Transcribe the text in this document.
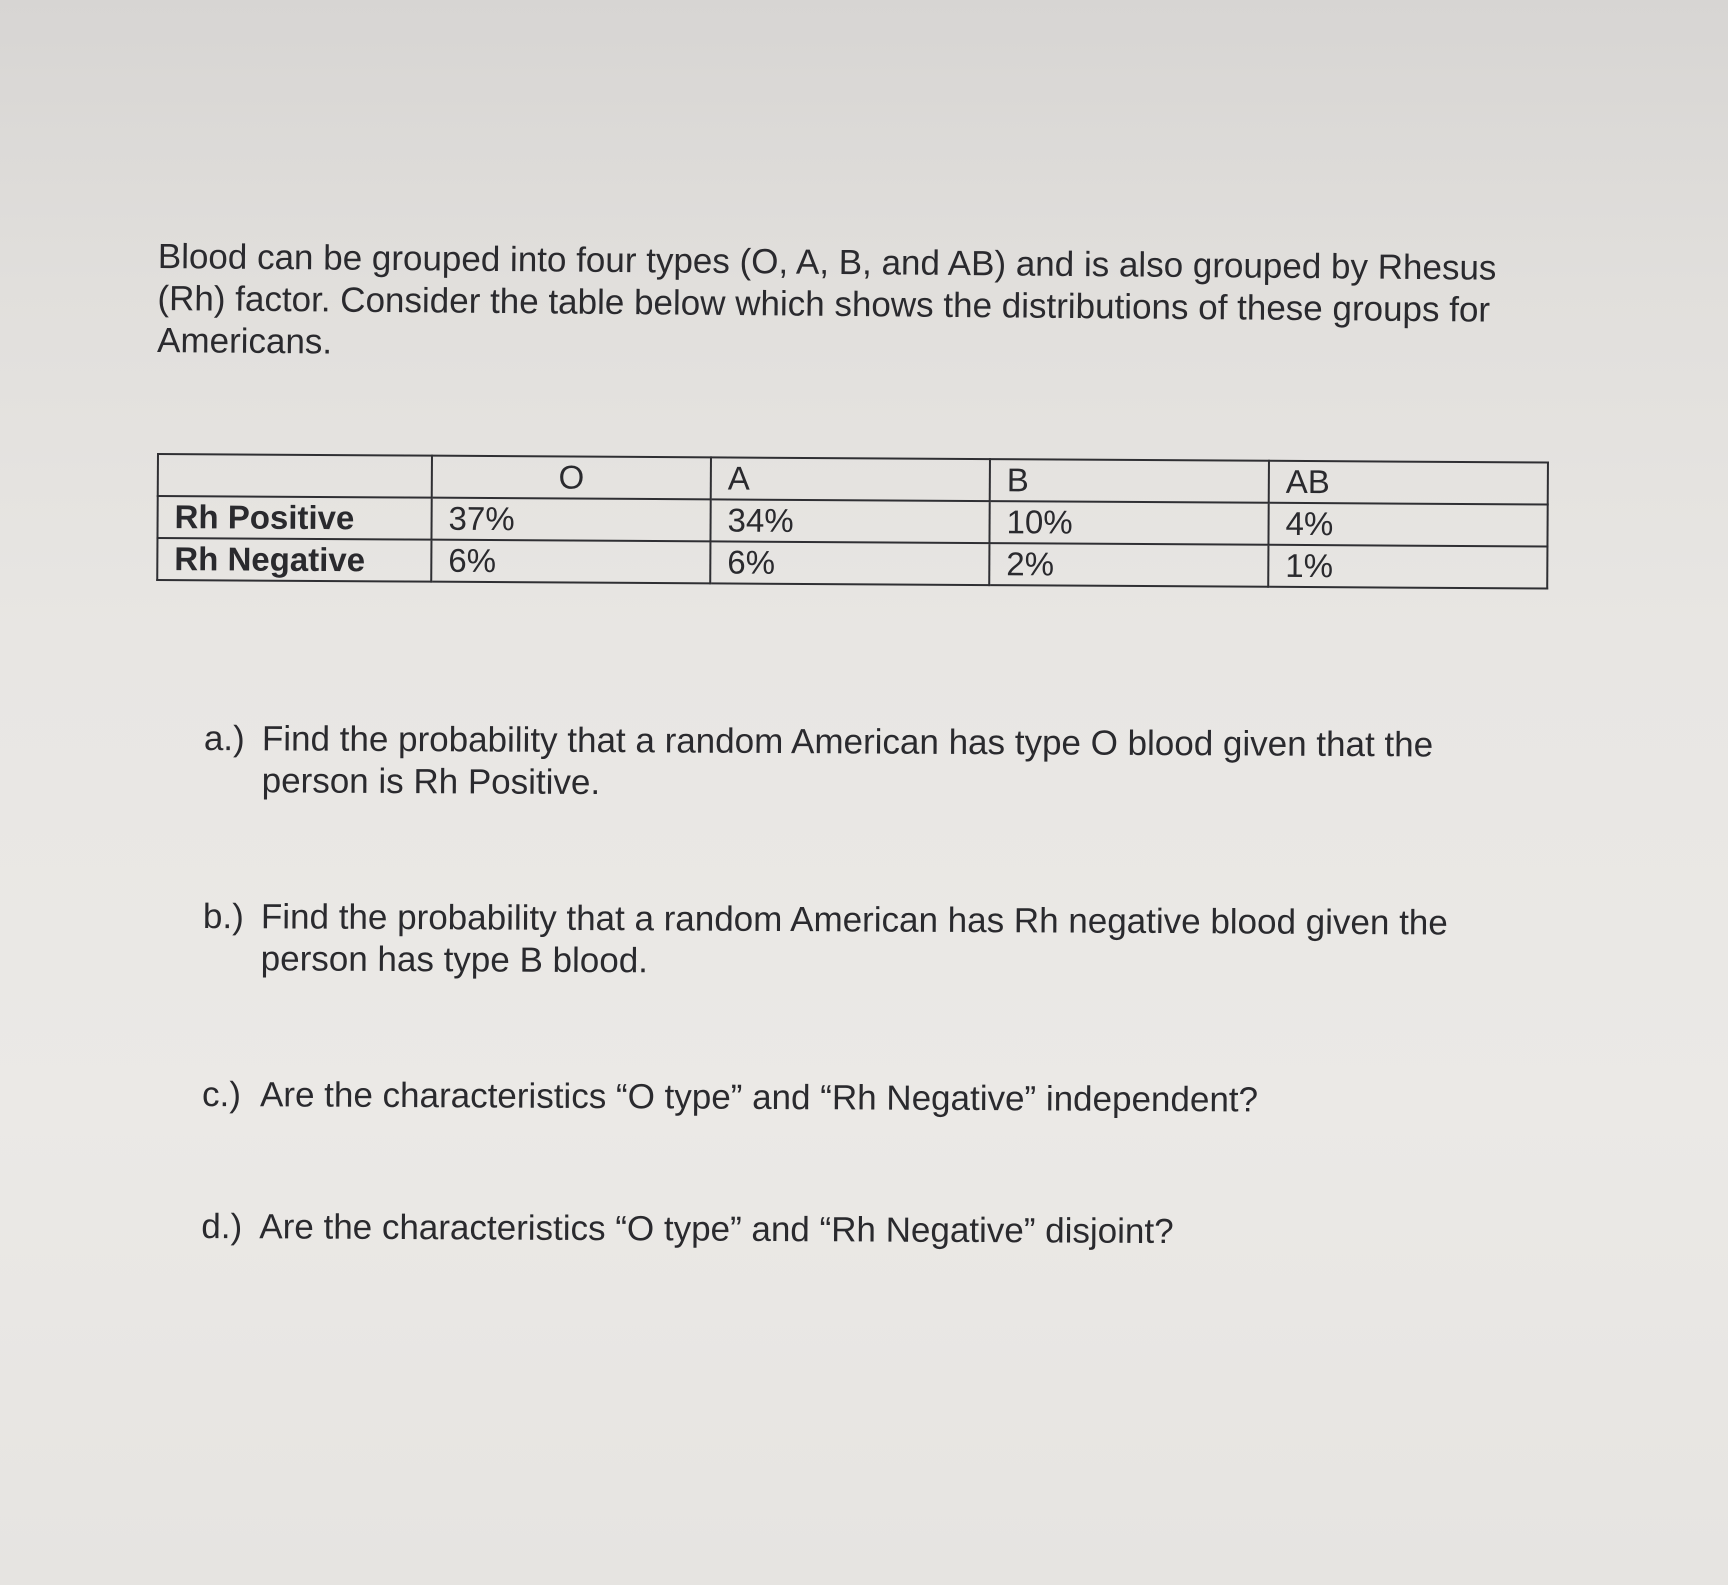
Blood can be grouped into four types (O, A, B, and AB) and is also grouped by Rhesus (Rh) factor. Consider the table below which shows the distributions of these groups for Americans.

	O	A	B	AB
Rh Positive	37%	34%	10%	4%
Rh Negative	6%	6%	2%	1%
a.) Find the probability that a random American has type O blood given that the person is Rh Positive.
b.) Find the probability that a random American has Rh negative blood given the person has type B blood.
c.) Are the characteristics “O type” and “Rh Negative” independent?
d.) Are the characteristics “O type” and “Rh Negative” disjoint?
